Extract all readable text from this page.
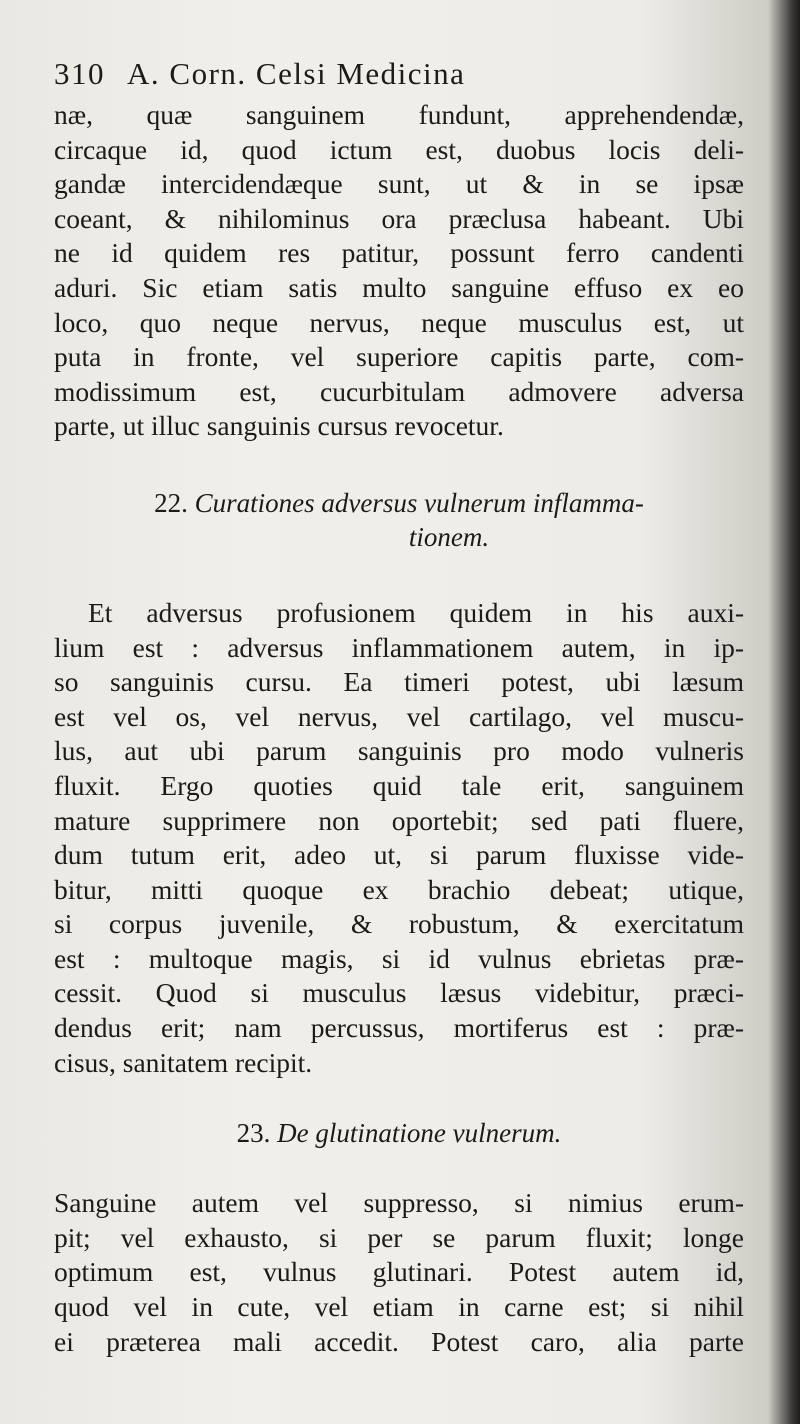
310 A. Corn. Celsi Medicina
næ, quæ sanguinem fundunt, apprehendendæ,
circaque id, quod ictum est, duobus locis deli-
gandæ intercidendæque sunt, ut & in se ipsæ
coeant, & nihilominus ora præclusa habeant. Ubi
ne id quidem res patitur, possunt ferro candenti
aduri. Sic etiam satis multo sanguine effuso ex eo
loco, quo neque nervus, neque musculus est, ut
puta in fronte, vel superiore capitis parte, com-
modissimum est, cucurbitulam admovere adversa
parte, ut illuc sanguinis cursus revocetur.
22. Curationes adversus vulnerum inflamma-
tionem.
Et adversus profusionem quidem in his auxi-
lium est : adversus inflammationem autem, in ip-
so sanguinis cursu. Ea timeri potest, ubi læsum
est vel os, vel nervus, vel cartilago, vel muscu-
lus, aut ubi parum sanguinis pro modo vulneris
fluxit. Ergo quoties quid tale erit, sanguinem
mature supprimere non oportebit; sed pati fluere,
dum tutum erit, adeo ut, si parum fluxisse vide-
bitur, mitti quoque ex brachio debeat; utique,
si corpus juvenile, & robustum, & exercitatum
est : multoque magis, si id vulnus ebrietas præ-
cessit. Quod si musculus læsus videbitur, præci-
dendus erit; nam percussus, mortiferus est : præ-
cisus, sanitatem recipit.
23. De glutinatione vulnerum.
Sanguine autem vel suppresso, si nimius erum-
pit; vel exhausto, si per se parum fluxit; longe
optimum est, vulnus glutinari. Potest autem id,
quod vel in cute, vel etiam in carne est; si nihil
ei præterea mali accedit. Potest caro, alia parte
